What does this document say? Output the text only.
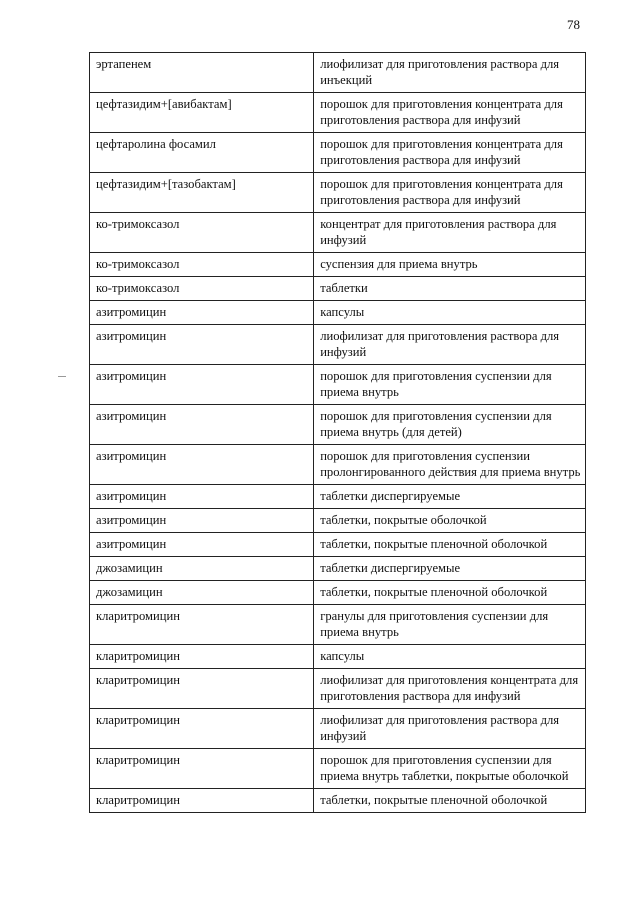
78
эртапенем	лиофилизат для приготовления раствора для инъекций
цефтазидим+[авибактам]	порошок для приготовления концентрата для приготовления раствора для инфузий
цефтаролина фосамил	порошок для приготовления концентрата для приготовления раствора для инфузий
цефтазидим+[тазобактам]	порошок для приготовления концентрата для приготовления раствора для инфузий
ко-тримоксазол	концентрат для приготовления раствора для инфузий
ко-тримоксазол	суспензия для приема внутрь
ко-тримоксазол	таблетки
азитромицин	капсулы
азитромицин	лиофилизат для приготовления раствора для инфузий
азитромицин	порошок для приготовления суспензии для приема внутрь
азитромицин	порошок для приготовления суспензии для приема внутрь (для детей)
азитромицин	порошок для приготовления суспензии пролонгированного действия для приема внутрь
азитромицин	таблетки диспергируемые
азитромицин	таблетки, покрытые оболочкой
азитромицин	таблетки, покрытые пленочной оболочкой
джозамицин	таблетки диспергируемые
джозамицин	таблетки, покрытые пленочной оболочкой
кларитромицин	гранулы для приготовления суспензии для приема внутрь
кларитромицин	капсулы
кларитромицин	лиофилизат для приготовления концентрата для приготовления раствора для инфузий
кларитромицин	лиофилизат для приготовления раствора для инфузий
кларитромицин	порошок для приготовления суспензии для приема внутрь таблетки, покрытые оболочкой
кларитромицин	таблетки, покрытые пленочной оболочкой
